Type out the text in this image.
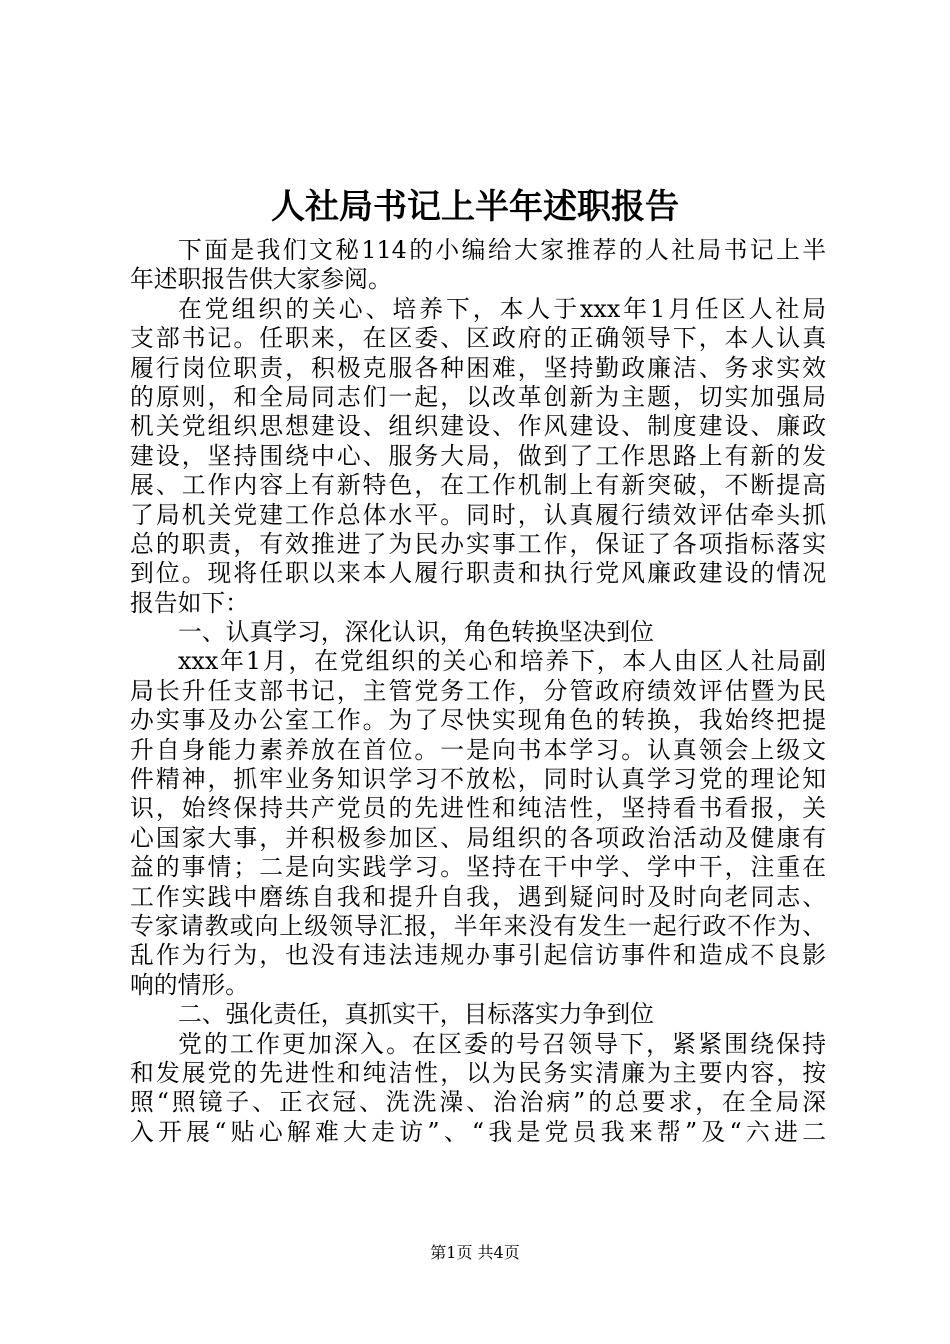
人社局书记上半年述职报告
下面是我们文秘114的小编给大家推荐的人社局书记上半
年述职报告供大家参阅。
在党组织的关心、培养下，本人于xxx年1月任区人社局
支部书记。任职来，在区委、区政府的正确领导下，本人认真
履行岗位职责，积极克服各种困难，坚持勤政廉洁、务求实效
的原则，和全局同志们一起，以改革创新为主题，切实加强局
机关党组织思想建设、组织建设、作风建设、制度建设、廉政
建设，坚持围绕中心、服务大局，做到了工作思路上有新的发
展、工作内容上有新特色，在工作机制上有新突破，不断提高
了局机关党建工作总体水平。同时，认真履行绩效评估牵头抓
总的职责，有效推进了为民办实事工作，保证了各项指标落实
到位。现将任职以来本人履行职责和执行党风廉政建设的情况
报告如下：
一、认真学习，深化认识，角色转换坚决到位
xxx年1月，在党组织的关心和培养下，本人由区人社局副
局长升任支部书记，主管党务工作，分管政府绩效评估暨为民
办实事及办公室工作。为了尽快实现角色的转换，我始终把提
升自身能力素养放在首位。一是向书本学习。认真领会上级文
件精神，抓牢业务知识学习不放松，同时认真学习党的理论知
识，始终保持共产党员的先进性和纯洁性，坚持看书看报，关
心国家大事，并积极参加区、局组织的各项政治活动及健康有
益的事情；二是向实践学习。坚持在干中学、学中干，注重在
工作实践中磨练自我和提升自我，遇到疑问时及时向老同志、
专家请教或向上级领导汇报，半年来没有发生一起行政不作为、
乱作为行为，也没有违法违规办事引起信访事件和造成不良影
响的情形。
二、强化责任，真抓实干，目标落实力争到位
党的工作更加深入。在区委的号召领导下，紧紧围绕保持
和发展党的先进性和纯洁性，以为民务实清廉为主要内容，按
照“照镜子、正衣冠、洗洗澡、治治病”的总要求，在全局深
入开展“贴心解难大走访”、“我是党员我来帮”及“六进二
第1页 共4页
